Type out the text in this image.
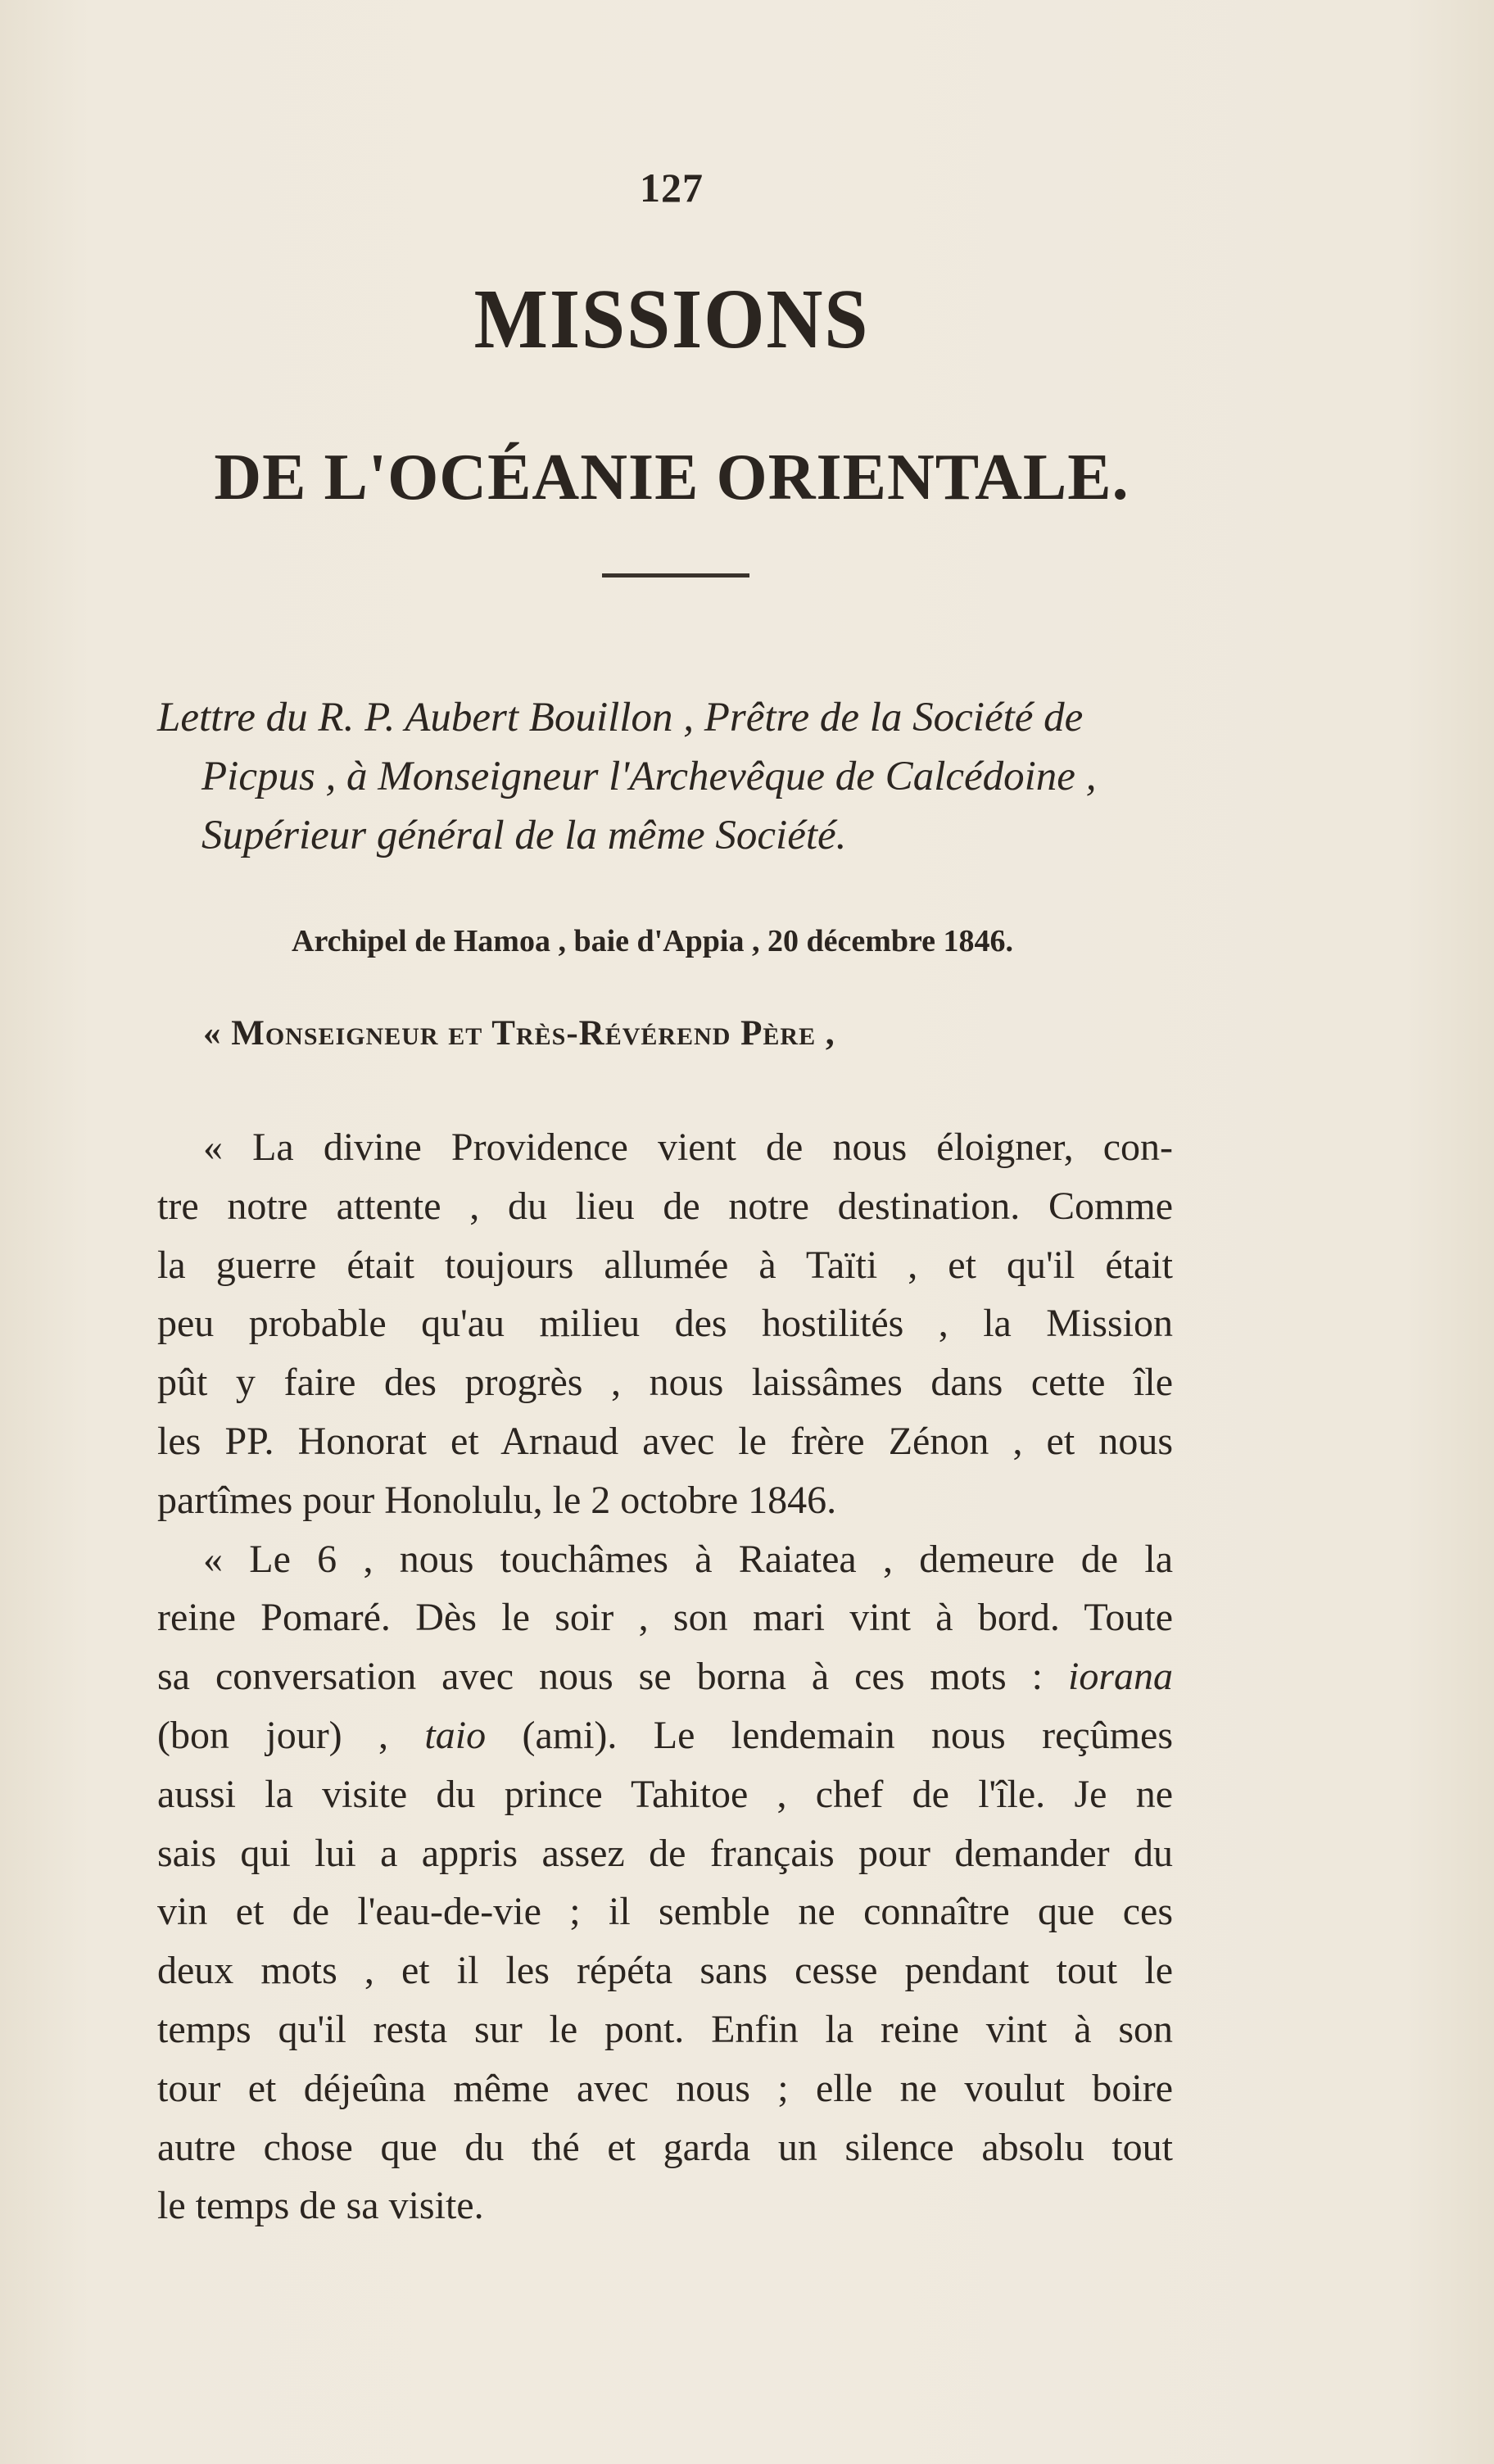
127
MISSIONS
DE L'OCÉANIE ORIENTALE.
Lettre du R. P. Aubert Bouillon , Prêtre de la Société de
Picpus , à Monseigneur l'Archevêque de Calcédoine ,
Supérieur général de la même Société.
Archipel de Hamoa , baie d'Appia , 20 décembre 1846.
« Monseigneur et Très-Révérend Père ,
« La divine Providence vient de nous éloigner, con-
tre notre attente , du lieu de notre destination. Comme
la guerre était toujours allumée à Taïti , et qu'il était
peu probable qu'au milieu des hostilités , la Mission
pût y faire des progrès , nous laissâmes dans cette île
les PP. Honorat et Arnaud avec le frère Zénon , et nous
partîmes pour Honolulu, le 2 octobre 1846.
« Le 6 , nous touchâmes à Raiatea , demeure de la
reine Pomaré. Dès le soir , son mari vint à bord. Toute
sa conversation avec nous se borna à ces mots : iorana
(bon jour) , taio (ami). Le lendemain nous reçûmes
aussi la visite du prince Tahitoe , chef de l'île. Je ne
sais qui lui a appris assez de français pour demander du
vin et de l'eau-de-vie ; il semble ne connaître que ces
deux mots , et il les répéta sans cesse pendant tout le
temps qu'il resta sur le pont. Enfin la reine vint à son
tour et déjeûna même avec nous ; elle ne voulut boire
autre chose que du thé et garda un silence absolu tout
le temps de sa visite.
